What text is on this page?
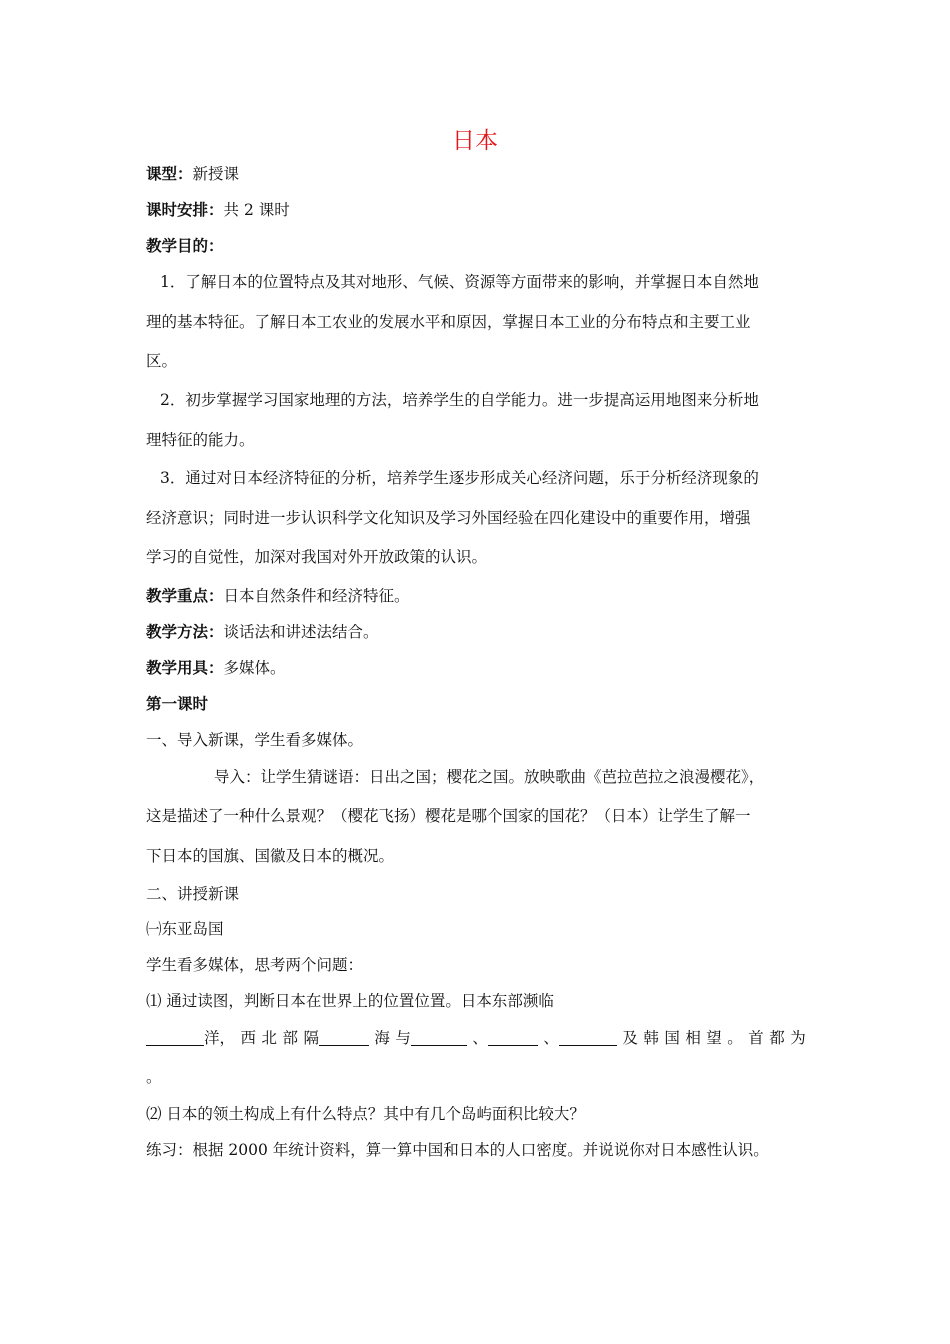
日本
课型：新授课
课时安排：共 2 课时
教学目的：
1．了解日本的位置特点及其对地形、气候、资源等方面带来的影响，并掌握日本自然地
理的基本特征。了解日本工农业的发展水平和原因，掌握日本工业的分布特点和主要工业
区。
2．初步掌握学习国家地理的方法，培养学生的自学能力。进一步提高运用地图来分析地
理特征的能力。
3．通过对日本经济特征的分析，培养学生逐步形成关心经济问题，乐于分析经济现象的
经济意识；同时进一步认识科学文化知识及学习外国经验在四化建设中的重要作用，增强
学习的自觉性，加深对我国对外开放政策的认识。
教学重点：日本自然条件和经济特征。
教学方法：谈话法和讲述法结合。
教学用具：多媒体。
第一课时
一、导入新课，学生看多媒体。
导入：让学生猜谜语：日出之国；樱花之国。放映歌曲《芭拉芭拉之浪漫樱花》，
这是描述了一种什么景观？（樱花飞扬）樱花是哪个国家的国花？（日本）让学生了解一
下日本的国旗、国徽及日本的概况。
二、讲授新课
㈠东亚岛国
学生看多媒体，思考两个问题：
⑴ 通过读图，判断日本在世界上的位置位置。日本东部濒临
洋， 西 北 部 隔	海 与	、	、	及 韩 国 相 望 。 首 都 为
。
⑵ 日本的领土构成上有什么特点？其中有几个岛屿面积比较大？
练习：根据 2000 年统计资料，算一算中国和日本的人口密度。并说说你对日本感性认识。
